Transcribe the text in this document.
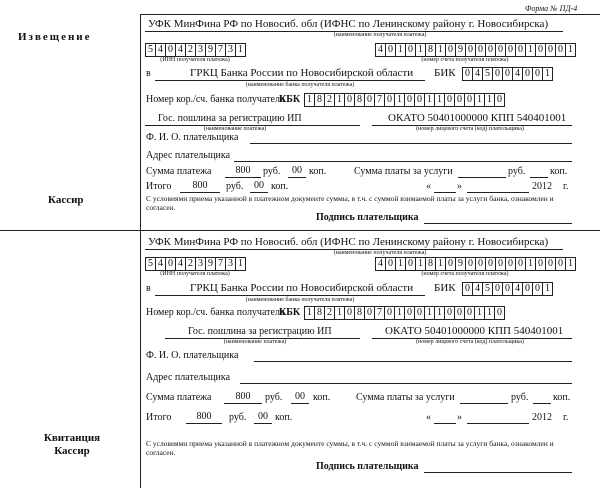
Форма № ПД-4
Извещение
Кассир
Квитанция
Кассир
УФК МинФина РФ по Новосиб. обл (ИФНС по Ленинскому району г. Новосибирска)
(наименование получателя платежа)
5 4 0 4 2 3 9 7 3 1
(ИНН получателя платежа)
4 0 1 0 1 8 1 0 9 0 0 0 0 0 0 1 0 0 0 1
(номер счета получателя платежа)
в	ГРКЦ Банка России по Новосибирской области БИК 0 4 5 0 0 4 0 0 1
(наименование банка получателя платежа)
Номер кор./сч. банка получателя
КБК 1 8 2 1 0 8 0 7 0 1 0 0 1 1 0 0 0 1 1 0
Гос. пошлина за регистрацию ИП
(наименование платежа)
ОКАТО 50401000000 КПП 540401001
(номер лицевого счета (код) плательщика)
Ф. И. О. плательщика
Адрес плательщика
Сумма платежа	800	руб.	00 коп.	Сумма платы за услуги	руб. коп.
Итого	800	руб.	00 коп.	«	»	2012 г.
С условиями приема указанной в платежном документе суммы, в т.ч. с суммой взимаемой платы за услуги банка, ознакомлен и согласен.
Подпись плательщика
УФК МинФина РФ по Новосиб. обл (ИФНС по Ленинскому району г. Новосибирска)
(наименование получателя платежа)
5 4 0 4 2 3 9 7 3 1
(ИНН получателя платежа)
4 0 1 0 1 8 1 0 9 0 0 0 0 0 0 1 0 0 0 1
(номер счета получателя платежа)
в	ГРКЦ Банка России по Новосибирской области БИК 0 4 5 0 0 4 0 0 1
(наименование банка получателя платежа)
Номер кор./сч. банка получателя
КБК 1 8 2 1 0 8 0 7 0 1 0 0 1 1 0 0 0 1 1 0
Гос. пошлина за регистрацию ИП
(наименование платежа)
ОКАТО 50401000000 КПП 540401001
(номер лицевого счета (код) плательщика)
Ф. И. О. плательщика
Адрес плательщика
Сумма платежа	800	руб.	00 коп.	Сумма платы за услуги	руб. коп.
Итого	800	руб.	00 коп.	«	»	2012 г.
С условиями приема указанной в платежном документе суммы, в т.ч. с суммой взимаемой платы за услуги банка, ознакомлен и согласен.
Подпись плательщика
